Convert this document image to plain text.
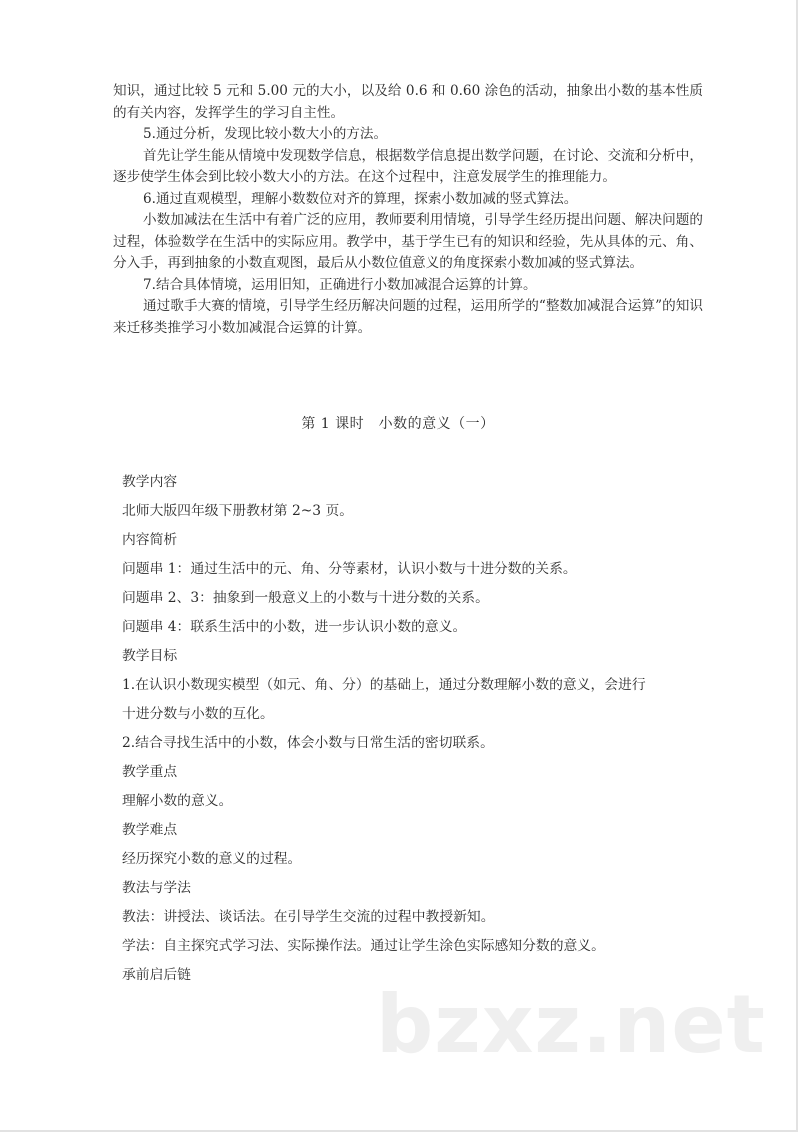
知识，通过比较 5 元和 5.00 元的大小，以及给 0.6 和 0.60 涂色的活动，抽象出小数的基本性质的有关内容，发挥学生的学习自主性。

5.通过分析，发现比较小数大小的方法。

首先让学生能从情境中发现数学信息，根据数学信息提出数学问题，在讨论、交流和分析中，逐步使学生体会到比较小数大小的方法。在这个过程中，注意发展学生的推理能力。

6.通过直观模型，理解小数数位对齐的算理，探索小数加减的竖式算法。

小数加减法在生活中有着广泛的应用，教师要利用情境，引导学生经历提出问题、解决问题的过程，体验数学在生活中的实际应用。教学中，基于学生已有的知识和经验，先从具体的元、角、分入手，再到抽象的小数直观图，最后从小数位值意义的角度探索小数加减的竖式算法。

7.结合具体情境，运用旧知，正确进行小数加减混合运算的计算。

通过歌手大赛的情境，引导学生经历解决问题的过程，运用所学的“整数加减混合运算”的知识来迁移类推学习小数加减混合运算的计算。

第 1 课时　小数的意义（一）

教学内容

北师大版四年级下册教材第 2~3 页。

内容简析

问题串 1：通过生活中的元、角、分等素材，认识小数与十进分数的关系。

问题串 2、3：抽象到一般意义上的小数与十进分数的关系。

问题串 4：联系生活中的小数，进一步认识小数的意义。

教学目标

1.在认识小数现实模型（如元、角、分）的基础上，通过分数理解小数的意义，会进行

十进分数与小数的互化。

2.结合寻找生活中的小数，体会小数与日常生活的密切联系。

教学重点

理解小数的意义。

教学难点

经历探究小数的意义的过程。

教法与学法

教法：讲授法、谈话法。在引导学生交流的过程中教授新知。

学法：自主探究式学习法、实际操作法。通过让学生涂色实际感知分数的意义。

承前启后链

bzxz.net
